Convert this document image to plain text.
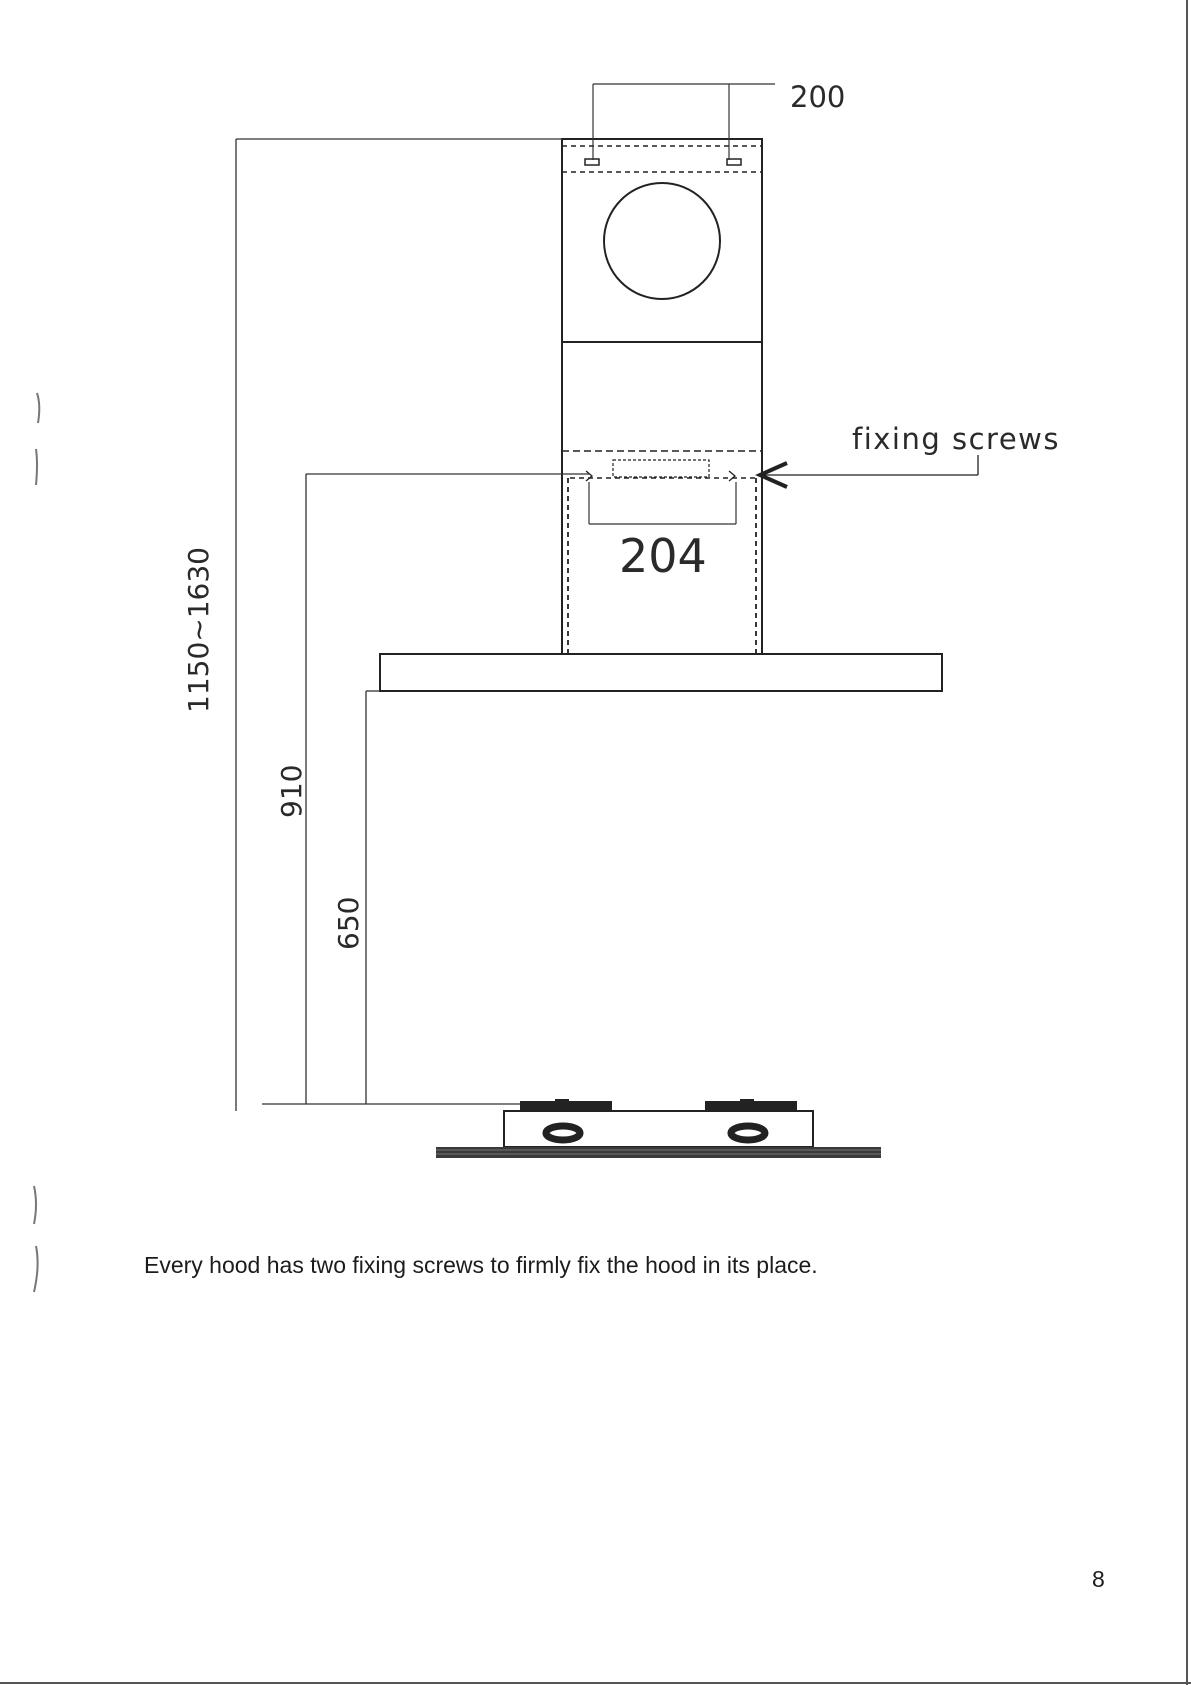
200
204
fixing screws
1150~1630
910
650

Every hood has two fixing screws to firmly fix the hood in its place.

8
